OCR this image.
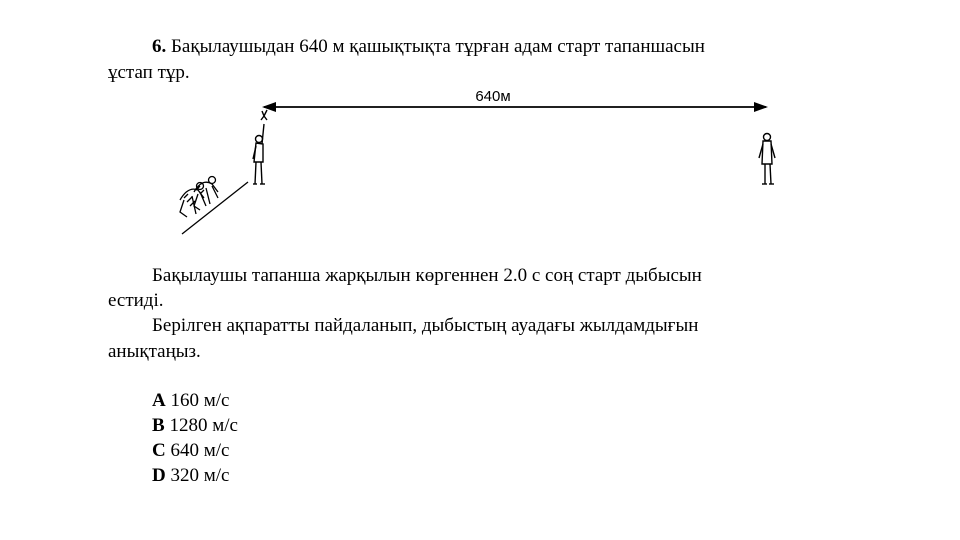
6. Бақылаушыдан 640 м қашықтықта тұрған адам старт тапаншасын
ұстап тұр.
640м
Бақылаушы тапанша жарқылын көргеннен 2.0 с соң старт дыбысын
естиді.
Берілген ақпаратты пайдаланып, дыбыстың ауадағы жылдамдығын
анықтаңыз.
A 160 м/с
B 1280 м/с
C 640 м/с
D 320 м/с
